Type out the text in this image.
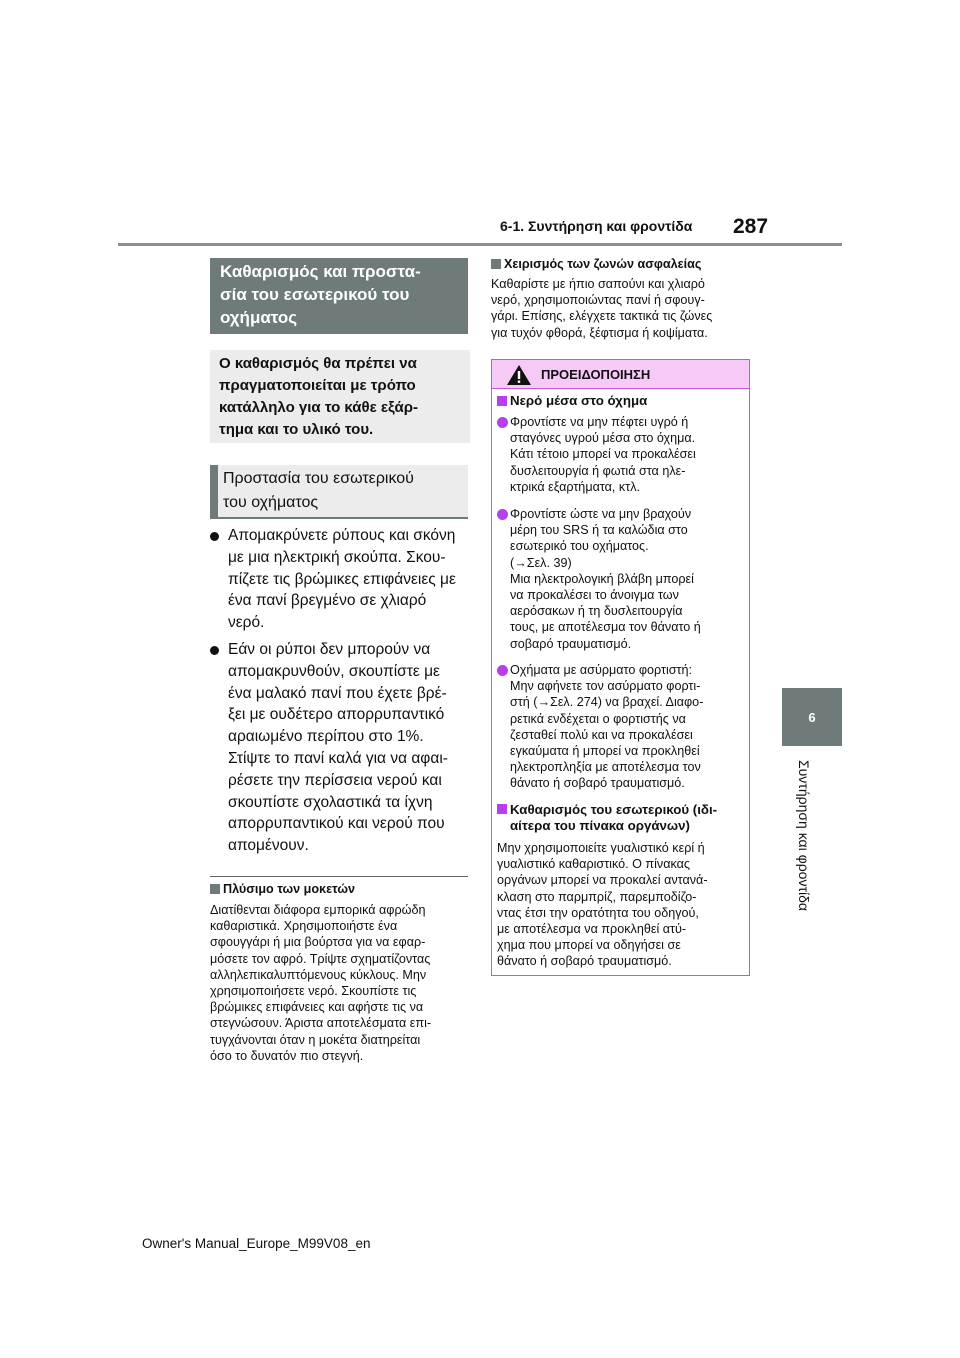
6-1. Συντήρηση και φροντίδα 287
6
Συντήρηση και φροντίδα
Καθαρισμός και προστα-
σία του εσωτερικού του
οχήματος
Ο καθαρισμός θα πρέπει να
πραγματοποιείται με τρόπο
κατάλληλο για το κάθε εξάρ-
τημα και το υλικό του.
Προστασία του εσωτερικού
του οχήματος
Απομακρύνετε ρύπους και σκόνη
με μια ηλεκτρική σκούπα. Σκου-
πίζετε τις βρώμικες επιφάνειες με
ένα πανί βρεγμένο σε χλιαρό
νερό.
Εάν οι ρύποι δεν μπορούν να
απομακρυνθούν, σκουπίστε με
ένα μαλακό πανί που έχετε βρέ-
ξει με ουδέτερο απορρυπαντικό
αραιωμένο περίπου στο 1%.
Στίψτε το πανί καλά για να αφαι-
ρέσετε την περίσσεια νερού και
σκουπίστε σχολαστικά τα ίχνη
απορρυπαντικού και νερού που
απομένουν.
Πλύσιμο των μοκετών
Διατίθενται διάφορα εμπορικά αφρώδη
καθαριστικά. Χρησιμοποιήστε ένα
σφουγγάρι ή μια βούρτσα για να εφαρ-
μόσετε τον αφρό. Τρίψτε σχηματίζοντας
αλληλεπικαλυπτόμενους κύκλους. Μην
χρησιμοποιήσετε νερό. Σκουπίστε τις
βρώμικες επιφάνειες και αφήστε τις να
στεγνώσουν. Άριστα αποτελέσματα επι-
τυγχάνονται όταν η μοκέτα διατηρείται
όσο το δυνατόν πιο στεγνή.
Χειρισμός των ζωνών ασφαλείας
Καθαρίστε με ήπιο σαπούνι και χλιαρό
νερό, χρησιμοποιώντας πανί ή σφουγ-
γάρι. Επίσης, ελέγχετε τακτικά τις ζώνες
για τυχόν φθορά, ξέφτισμα ή κοψίματα.
ΠΡΟΕΙΔΟΠΟΙΗΣΗ
Νερό μέσα στο όχημα
Φροντίστε να μην πέφτει υγρό ή
σταγόνες υγρού μέσα στο όχημα.
Κάτι τέτοιο μπορεί να προκαλέσει
δυσλειτουργία ή φωτιά στα ηλε-
κτρικά εξαρτήματα, κτλ.
Φροντίστε ώστε να μην βραχούν
μέρη του SRS ή τα καλώδια στο
εσωτερικό του οχήματος.
(→Σελ. 39)
Μια ηλεκτρολογική βλάβη μπορεί
να προκαλέσει το άνοιγμα των
αερόσακων ή τη δυσλειτουργία
τους, με αποτέλεσμα τον θάνατο ή
σοβαρό τραυματισμό.
Οχήματα με ασύρματο φορτιστή:
Μην αφήνετε τον ασύρματο φορτι-
στή (→Σελ. 274) να βραχεί. Διαφο-
ρετικά ενδέχεται ο φορτιστής να
ζεσταθεί πολύ και να προκαλέσει
εγκαύματα ή μπορεί να προκληθεί
ηλεκτροπληξία με αποτέλεσμα τον
θάνατο ή σοβαρό τραυματισμό.
Καθαρισμός του εσωτερικού (ιδι-
αίτερα του πίνακα οργάνων)
Μην χρησιμοποιείτε γυαλιστικό κερί ή
γυαλιστικό καθαριστικό. Ο πίνακας
οργάνων μπορεί να προκαλεί αντανά-
κλαση στο παρμπρίζ, παρεμποδίζο-
ντας έτσι την ορατότητα του οδηγού,
με αποτέλεσμα να προκληθεί ατύ-
χημα που μπορεί να οδηγήσει σε
θάνατο ή σοβαρό τραυματισμό.
Owner's Manual_Europe_M99V08_en
